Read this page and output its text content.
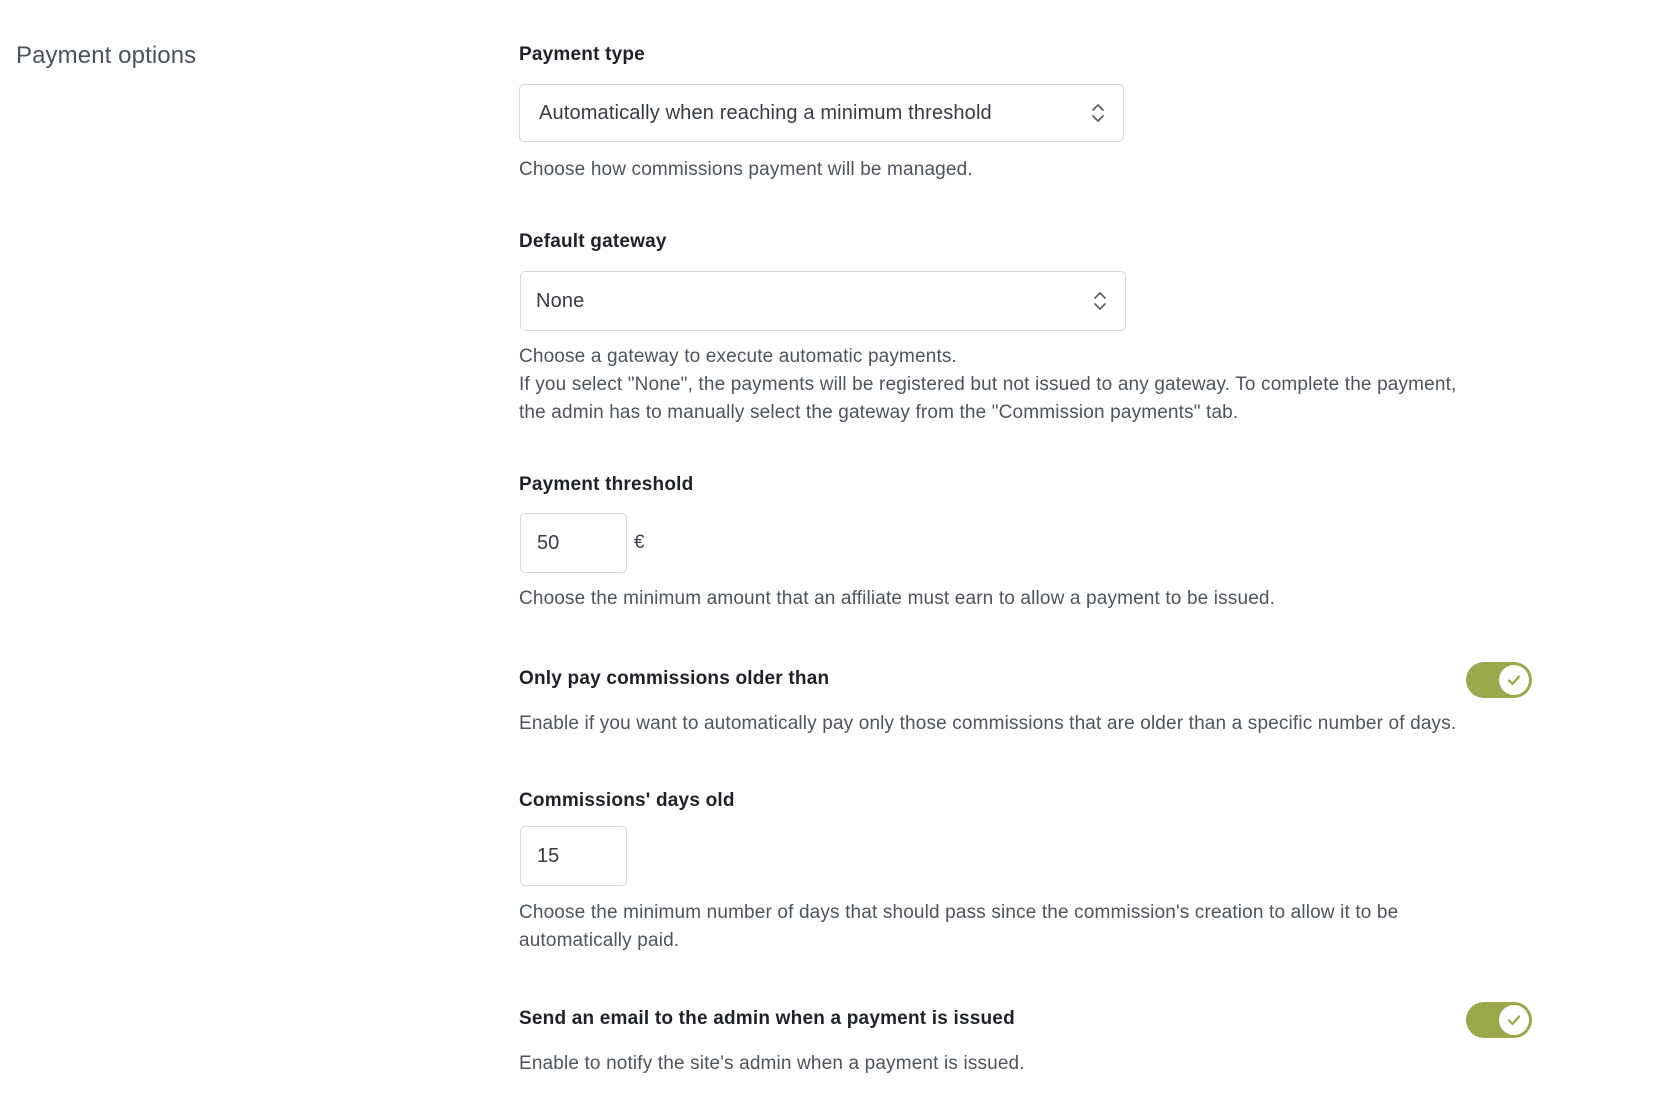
Payment options	Payment type
Automatically when reaching a minimum threshold
Choose how commissions payment will be managed.
Default gateway
None
Choose a gateway to execute automatic payments.
If you select "None", the payments will be registered but not issued to any gateway. To complete the payment,
the admin has to manually select the gateway from the "Commission payments" tab.
Payment threshold
50	€
Choose the minimum amount that an affiliate must earn to allow a payment to be issued.
Only pay commissions older than
Enable if you want to automatically pay only those commissions that are older than a specific number of days.
Commissions' days old
15
Choose the minimum number of days that should pass since the commission's creation to allow it to be
automatically paid.
Send an email to the admin when a payment is issued
Enable to notify the site's admin when a payment is issued.
